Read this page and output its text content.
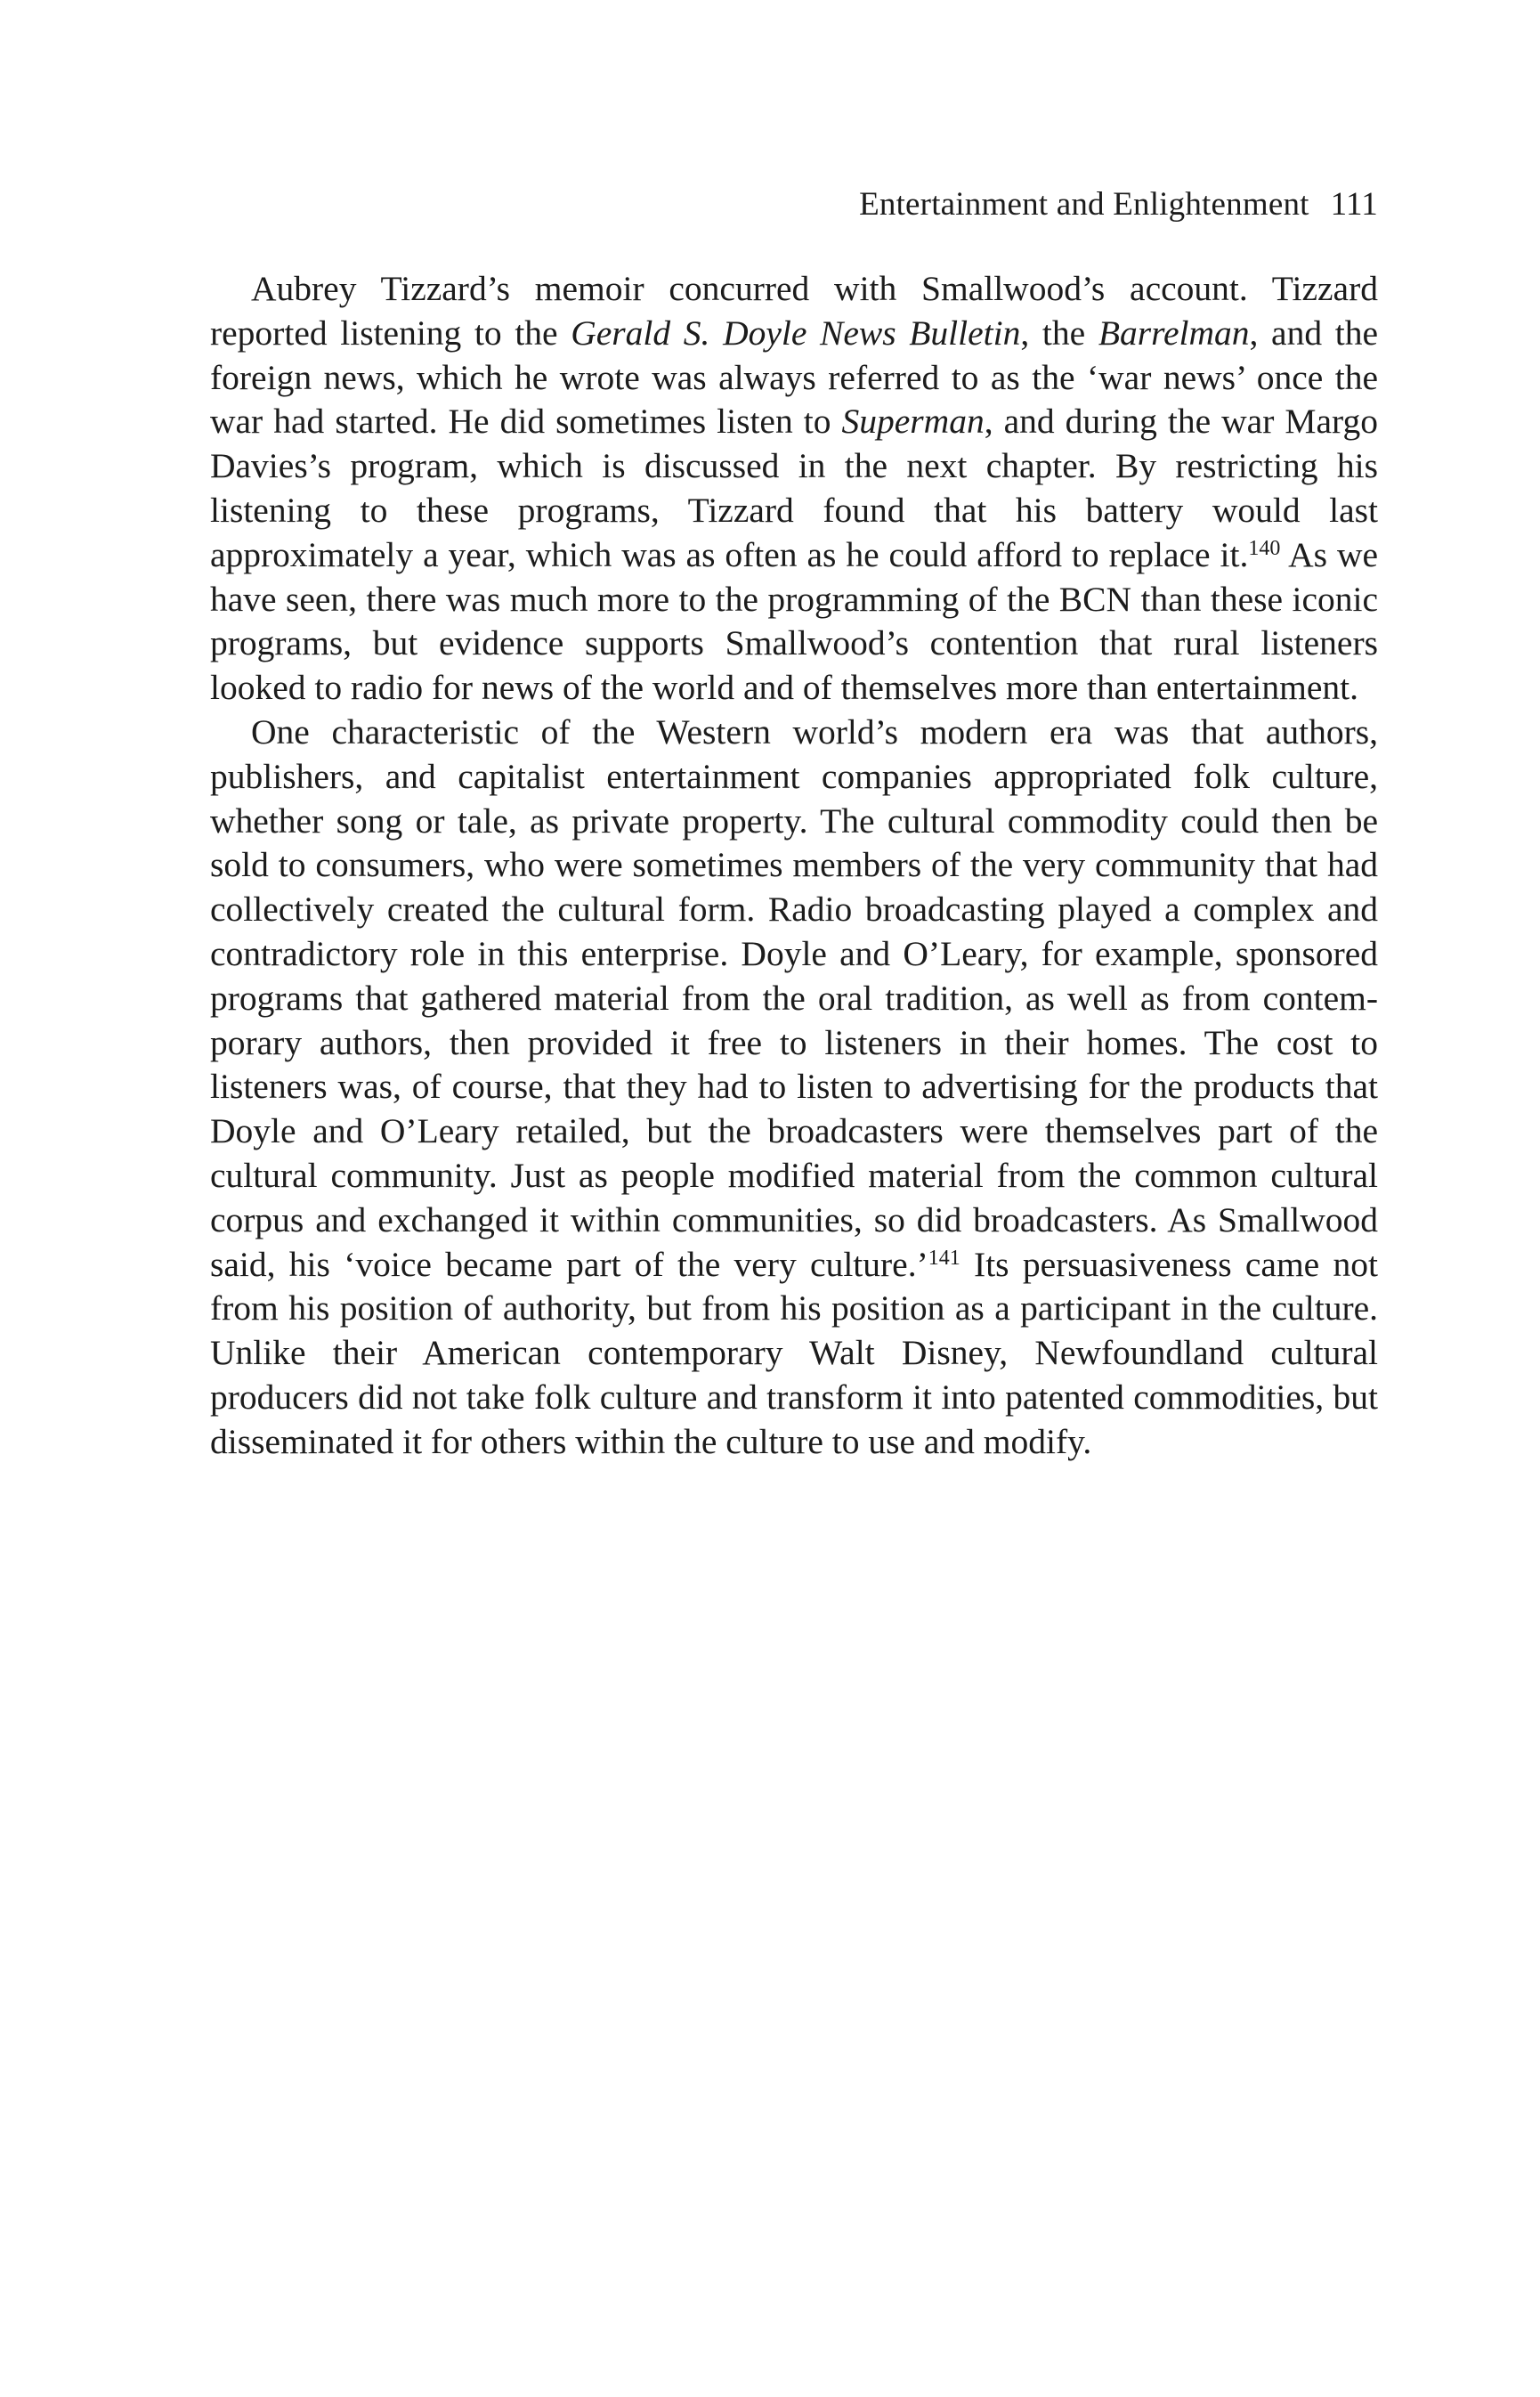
Entertainment and Enlightenment 111

Aubrey Tizzard’s memoir concurred with Smallwood’s account. Tizzard reported listening to the Gerald S. Doyle News Bulletin, the Barrelman, and the foreign news, which he wrote was always referred to as the ‘war news’ once the war had started. He did sometimes listen to Superman, and during the war Margo Davies’s program, which is discussed in the next chapter. By restricting his listening to these programs, Tizzard found that his battery would last approximately a year, which was as often as he could afford to replace it.$^{140}$ As we have seen, there was much more to the programming of the BCN than these iconic programs, but evidence supports Smallwood’s contention that rural listeners looked to radio for news of the world and of themselves more than entertainment.

One characteristic of the Western world’s modern era was that authors, publishers, and capitalist entertainment companies appropriated folk culture, whether song or tale, as private property. The cultural commodity could then be sold to consumers, who were sometimes members of the very community that had collectively created the cultural form. Radio broadcasting played a complex and contradictory role in this enterprise. Doyle and O’Leary, for example, sponsored programs that gathered material from the oral tradition, as well as from contemporary authors, then provided it free to listeners in their homes. The cost to listeners was, of course, that they had to listen to advertising for the products that Doyle and O’Leary retailed, but the broadcasters were themselves part of the cultural community. Just as people modified material from the common cultural corpus and exchanged it within communities, so did broadcasters. As Smallwood said, his ‘voice became part of the very culture.’$^{141}$ Its persuasiveness came not from his position of authority, but from his position as a participant in the culture. Unlike their American contemporary Walt Disney, Newfoundland cultural producers did not take folk culture and transform it into patented commodities, but disseminated it for others within the culture to use and modify.
